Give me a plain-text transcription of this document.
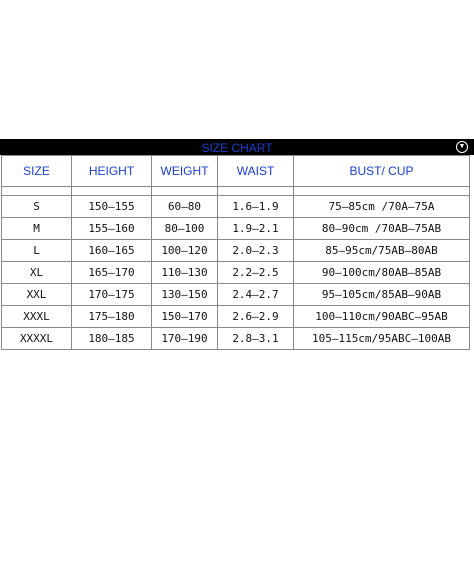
SIZE CHART	▼
SIZE	HEIGHT	WEIGHT	WAIST	BUST/ CUP

S	150—155	60—80	1.6—1.9	75—85cm /70A—75A
M	155—160	80—100	1.9—2.1	80—90cm /70AB—75AB
L	160—165	100—120	2.0—2.3	85—95cm/75AB—80AB
XL	165—170	110—130	2.2—2.5	90—100cm/80AB—85AB
XXL	170—175	130—150	2.4—2.7	95—105cm/85AB—90AB
XXXL	175—180	150—170	2.6—2.9	100—110cm/90ABC—95AB
XXXXL	180—185	170—190	2.8—3.1	105—115cm/95ABC—100AB
